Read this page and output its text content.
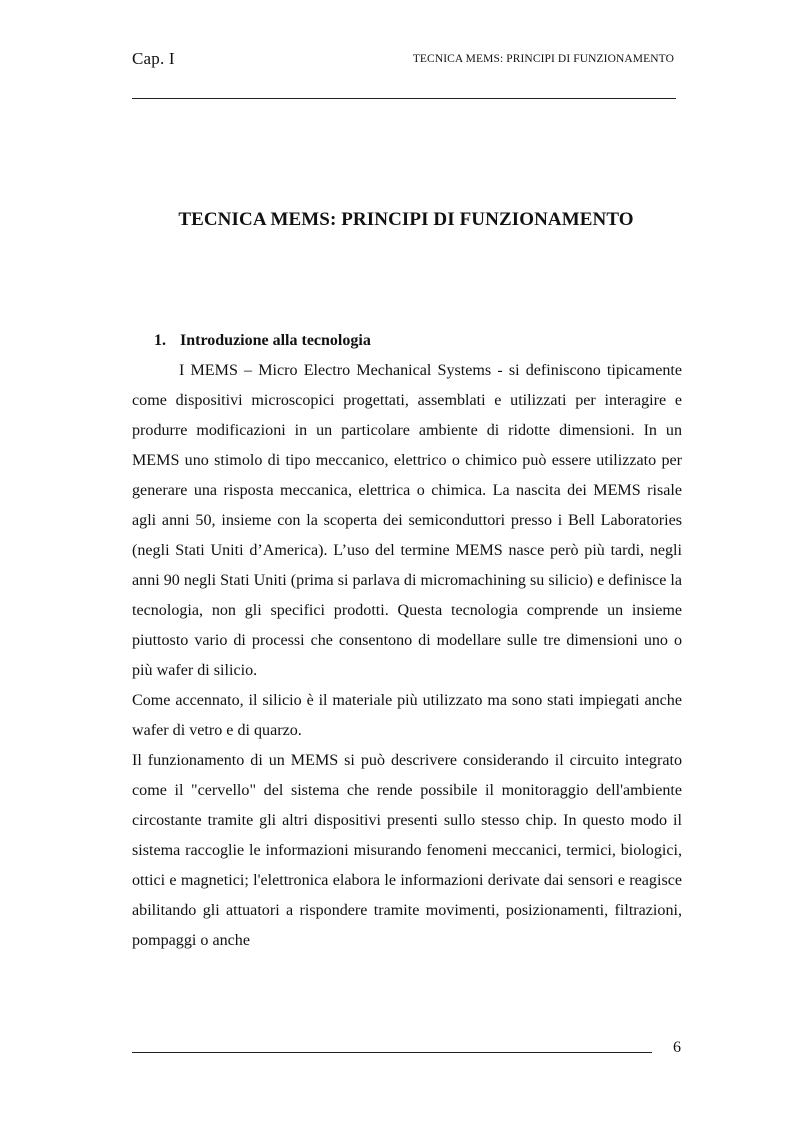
Cap. I	TECNICA MEMS: PRINCIPI DI FUNZIONAMENTO
TECNICA MEMS: PRINCIPI DI FUNZIONAMENTO
1. Introduzione alla tecnologia

I MEMS – Micro Electro Mechanical Systems - si definiscono tipicamente come dispositivi microscopici progettati, assemblati e utilizzati per interagire e produrre modificazioni in un particolare ambiente di ridotte dimensioni. In un MEMS uno stimolo di tipo meccanico, elettrico o chimico può essere utilizzato per generare una risposta meccanica, elettrica o chimica. La nascita dei MEMS risale agli anni 50, insieme con la scoperta dei semiconduttori presso i Bell Laboratories (negli Stati Uniti d’America). L’uso del termine MEMS nasce però più tardi, negli anni 90 negli Stati Uniti (prima si parlava di micromachining su silicio) e definisce la tecnologia, non gli specifici prodotti. Questa tecnologia comprende un insieme piuttosto vario di processi che consentono di modellare sulle tre dimensioni uno o più wafer di silicio.

Come accennato, il silicio è il materiale più utilizzato ma sono stati impiegati anche wafer di vetro e di quarzo.

Il funzionamento di un MEMS si può descrivere considerando il circuito integrato come il "cervello" del sistema che rende possibile il monitoraggio dell'ambiente circostante tramite gli altri dispositivi presenti sullo stesso chip. In questo modo il sistema raccoglie le informazioni misurando fenomeni meccanici, termici, biologici, ottici e magnetici; l'elettronica elabora le informazioni derivate dai sensori e reagisce abilitando gli attuatori a rispondere tramite movimenti, posizionamenti, filtrazioni, pompaggi o anche

6
